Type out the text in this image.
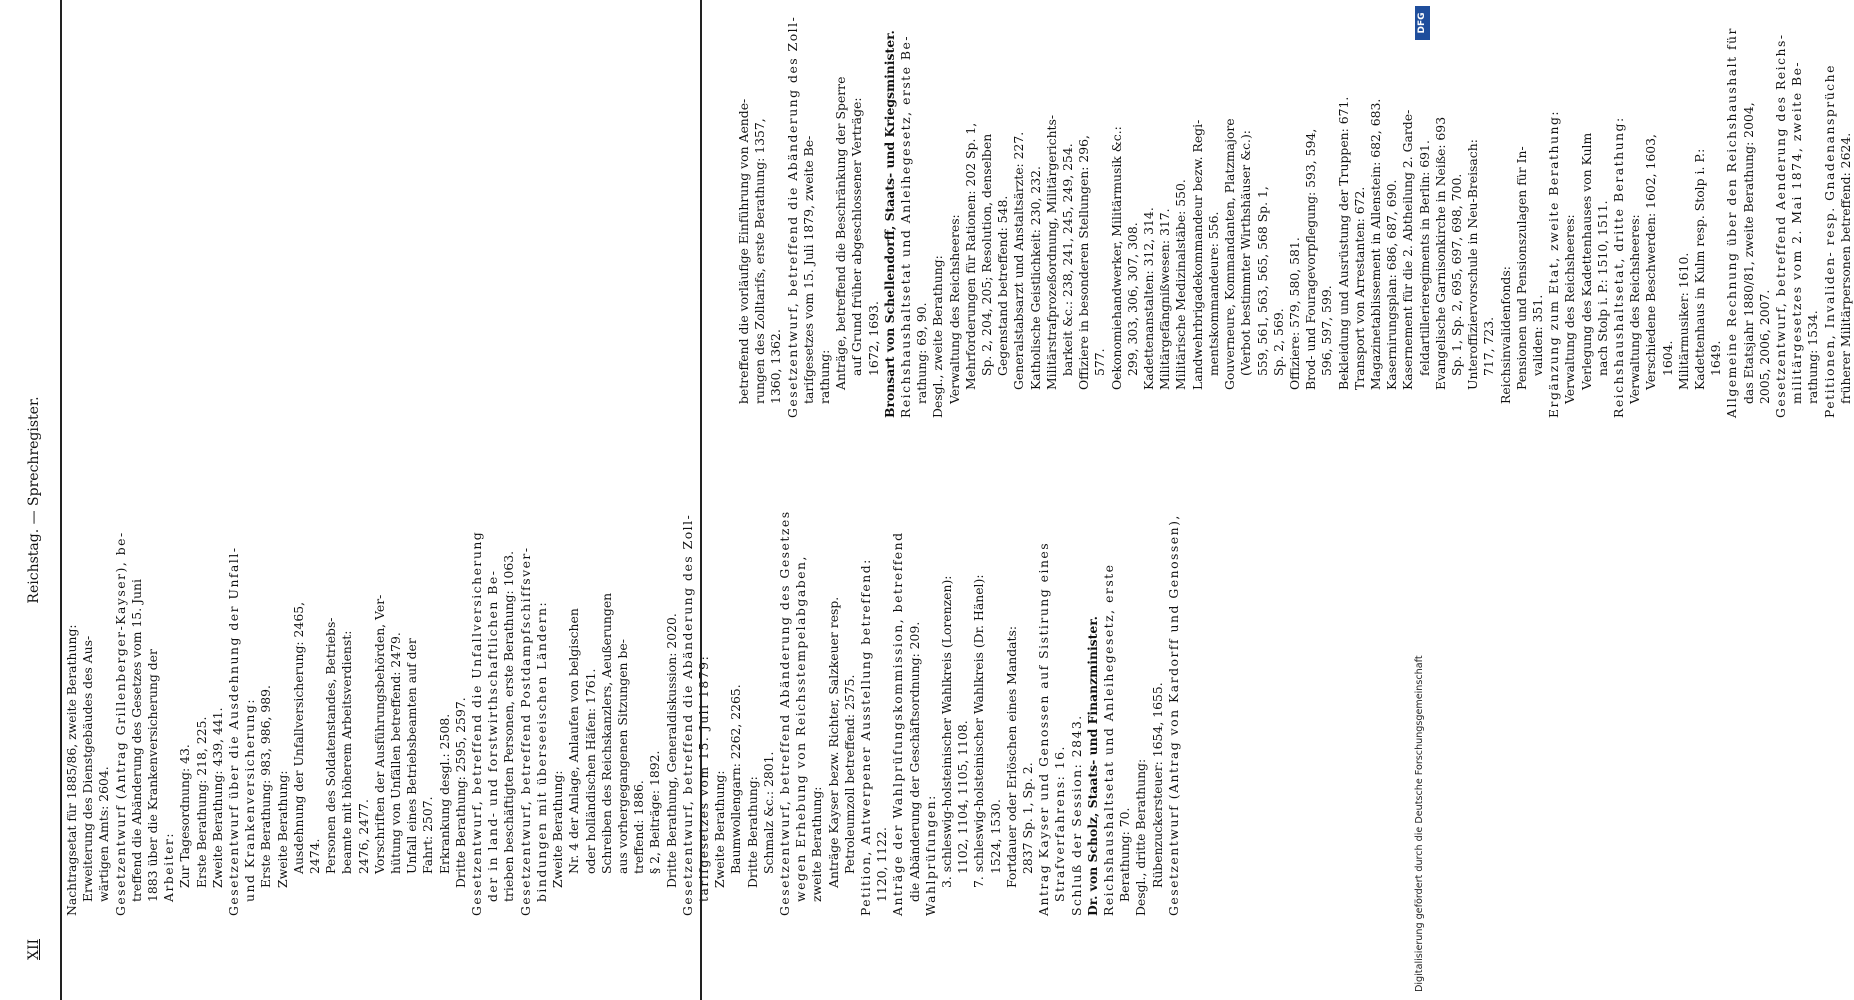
XII
Reichstag. — Sprechregister.

Nachtragsetat für 1885/86, zweite Berathung: Erweiterung des Dienstgebäudes des Aus- wärtigen Amts: 2604. Gesetzentwurf (Antrag Grillenberger-Kayser), be- treffend die Abänderung des Gesetzes vom 15. Juni 1883 über die Krankenversicherung der Arbeiter: Zur Tagesordnung: 43. Erste Berathung: 218, 225. Zweite Berathung: 439, 441. Gesetzentwurf über die Ausdehnung der Unfall- und Krankenversicherung: Erste Berathung: 983, 986, 989. Zweite Berathung: Ausdehnung der Unfallversicherung: 2465, 2474. Personen des Soldatenstandes, Betriebs- beamte mit höherem Arbeitsverdienst: 2476, 2477. Vorschriften der Ausführungsbehörden, Ver- hütung von Unfällen betreffend: 2479. Unfall eines Betriebsbeamten auf der Fahrt: 2507. Erkrankung desgl.: 2508. Dritte Berathung: 2595, 2597. Gesetzentwurf, betreffend die Unfallversicherung der in land- und forstwirthschaftlichen Be- trieben beschäftigten Personen, erste Berathung: 1063. Gesetzentwurf, betreffend Postdampfschiffsver- bindungen mit überseeischen Ländern: Zweite Berathung: Nr. 4 der Anlage, Anlaufen von belgischen oder holländischen Häfen: 1761. Schreiben des Reichskanzlers, Aeußerungen aus vorhergegangenen Sitzungen be- treffend: 1886. § 2, Beiträge: 1892. Dritte Berathung, Generaldiskussion: 2020. Gesetzentwurf, betreffend die Abänderung des Zoll- tarifgesetzes vom 15. Juli 1879: Zweite Berathung: Baumwollengarn: 2262, 2265. Dritte Berathung: Schmalz &c.: 2801. Gesetzentwurf, betreffend Abänderung des Gesetzes wegen Erhebung von Reichsstempelabgaben, zweite Berathung: Anträge Kayser bezw. Richter, Salzkeuer resp. Petroleumzoll betreffend: 2575. Petition, Antwerpener Ausstellung betreffend: 1120, 1122. Anträge der Wahlprüfungskommission, betreffend die Abänderung der Geschäftsordnung: 209. Wahlprüfungen: 3. schleswig-holsteinischer Wahlkreis (Lorenzen): 1102, 1104, 1105, 1108. 7. schleswig-holsteinischer Wahlkreis (Dr. Hänel): 1524, 1530. Fortdauer oder Erlöschen eines Mandats: 2837 Sp. 1, Sp. 2. Antrag Kayser und Genossen auf Sistirung eines Strafverfahrens: 16. Schluß der Session: 2843. Dr. von Scholz, Staats- und Finanzminister. Reichshaushaltsetat und Anleihegesetz, erste Berathung: 70. Desgl., dritte Berathung: Rübenzuckersteuer: 1654, 1655. Gesetzentwurf (Antrag von Kardorff und Genossen),

betreffend die vorläufige Einführung von Aende- rungen des Zolltarifs, erste Berathung: 1357, 1360, 1362. Gesetzentwurf, betreffend die Abänderung des Zoll- tarifgesetzes vom 15. Juli 1879, zweite Be- rathung: Anträge, betreffend die Beschränkung der Sperre auf Grund früher abgeschlossener Verträge: 1672, 1693. Bronsart von Schellendorff, Staats- und Kriegsminister. Reichshaushaltsetat und Anleihegesetz, erste Be- rathung: 69, 90. Desgl., zweite Berathung: Verwaltung des Reichsheeres: Mehrforderungen für Rationen: 202 Sp. 1, Sp. 2, 204, 205; Resolution, denselben Gegenstand betreffend: 548. Generalstabsarzt und Anstaltsärzte: 227. Katholische Geistlichkeit: 230, 232. Militärstrafprozeßordnung, Militärgerichts- barkeit &c.: 238, 241, 245, 249, 254. Offiziere in besonderen Stellungen: 296, 577. Oekonomiehandwerker, Militärmusik &c.: 299, 303, 306, 307, 308. Kadettenanstalten: 312, 314. Militärgefängnißwesen: 317. Militärische Medizinalstäbe: 550. Landwehrbrigadekommandeur bezw. Regi- mentskommandeure: 556. Gouverneure, Kommandanten, Platzmajore (Verbot bestimmter Wirthshäuser &c.): 559, 561, 563, 565, 568 Sp. 1, Sp. 2, 569. Offiziere: 579, 580, 581. Brod- und Fouragevorpflegung: 593, 594, 596, 597, 599. Bekleidung und Ausrüstung der Truppen: 671. Transport von Arrestanten: 672. Magazinetablissement in Allenstein: 682, 683. Kasernirungsplan: 686, 687, 690. Kasernement für die 2. Abtheilung 2. Garde- feldartillerieregiments in Berlin: 691. Evangelische Garnisonkirche in Neiße: 693 Sp. 1, Sp. 2, 695, 697, 698, 700. Unteroffiziervorschule in Neu-Breisach: 717, 723. Reichsinvalidenfonds: Pensionen und Pensionszulagen für In- validen: 351. Ergänzung zum Etat, zweite Berathung: Verwaltung des Reichsheeres: Verlegung des Kadettenhauses von Kulm nach Stolp i. P.: 1510, 1511. Reichshaushaltsetat, dritte Berathung: Verwaltung des Reichsheeres: Verschiedene Beschwerden: 1602, 1603, 1604. Militärmusiker: 1610. Kadettenhaus in Kulm resp. Stolp i. P.: 1649. Allgemeine Rechnung über den Reichshaushalt für das Etatsjahr 1880/81, zweite Berathung: 2004, 2005, 2006, 2007. Gesetzentwurf, betreffend Aenderung des Reichs- militärgesetzes vom 2. Mai 1874, zweite Be- rathung: 1534. Petitionen, Invaliden- resp. Gnadenansprüche früherer Militärpersonen betreffend: 2624.

DFG
Digitalisierung gefördert durch die Deutsche Forschungsgemeinschaft
